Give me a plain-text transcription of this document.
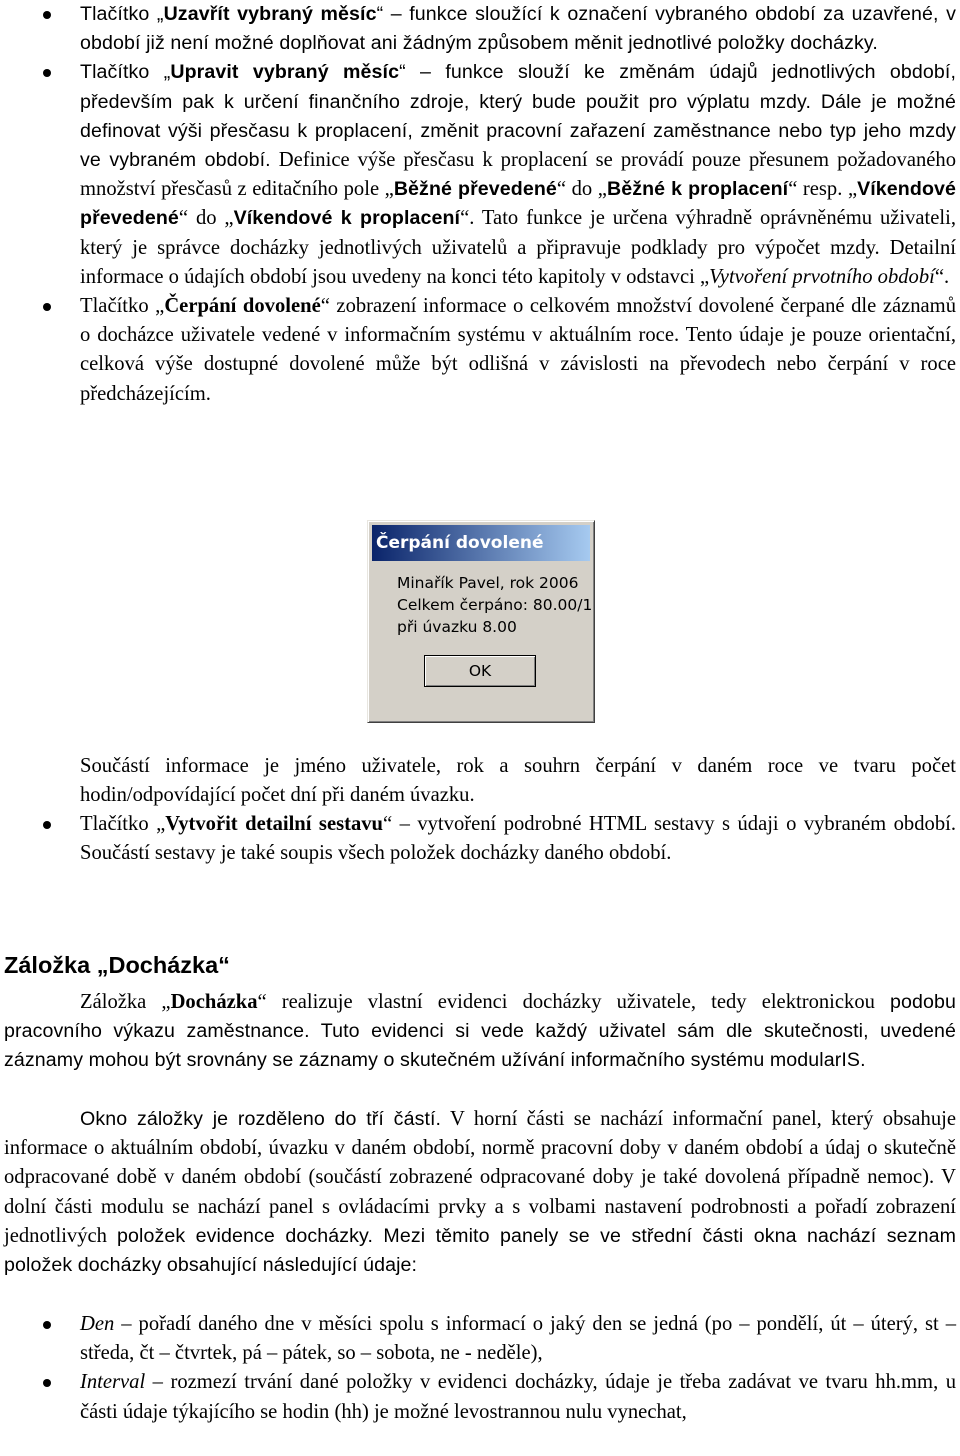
Tlačítko „Uzavřít vybraný měsíc“ – funkce sloužící k označení vybraného období za uzavřené, v období již není možné doplňovat ani žádným způsobem měnit jednotlivé položky docházky.
Tlačítko „Upravit vybraný měsíc“ – funkce slouží ke změnám údajů jednotlivých období, především pak k určení finančního zdroje, který bude použit pro výplatu mzdy. Dále je možné definovat výši přesčasu k proplacení, změnit pracovní zařazení zaměstnance nebo typ jeho mzdy ve vybraném období. Definice výše přesčasu k proplacení se provádí pouze přesunem požadovaného množství přesčasů z editačního pole „Běžné převedené“ do „Běžné k proplacení“ resp. „Víkendové převedené“ do „Víkendové k proplacení“. Tato funkce je určena výhradně oprávněnému uživateli, který je správce docházky jednotlivých uživatelů a připravuje podklady pro výpočet mzdy. Detailní informace o údajích období jsou uvedeny na konci této kapitoly v odstavci „Vytvoření prvotního období“.
Tlačítko „Čerpání dovolené“ zobrazení informace o celkovém množství dovolené čerpané dle záznamů o docházce uživatele vedené v informačním systému v aktuálním roce. Tento údaje je pouze orientační, celková výše dostupné dovolené může být odlišná v závislosti na převodech nebo čerpání v roce předcházejícím.
Čerpání dovolené
Minařík Pavel, rok 2006
Celkem čerpáno: 80.00/1
při úvazku 8.00
OK
Součástí informace je jméno uživatele, rok a souhrn čerpání v daném roce ve tvaru počet hodin/odpovídající počet dní při daném úvazku.
Tlačítko „Vytvořit detailní sestavu“ – vytvoření podrobné HTML sestavy s údaji o vybraném období. Součástí sestavy je také soupis všech položek docházky daného období.
Záložka „Docházka“
Záložka „Docházka“ realizuje vlastní evidenci docházky uživatele, tedy elektronickou podobu pracovního výkazu zaměstnance. Tuto evidenci si vede každý uživatel sám dle skutečnosti, uvedené záznamy mohou být srovnány se záznamy o skutečném užívání informačního systému modularIS.
Okno záložky je rozděleno do tří částí. V horní části se nachází informační panel, který obsahuje informace o aktuálním období, úvazku v daném období, normě pracovní doby v daném období a údaj o skutečně odpracované době v daném období (součástí zobrazené odpracované doby je také dovolená případně nemoc). V dolní části modulu se nachází panel s ovládacími prvky a s volbami nastavení podrobnosti a pořadí zobrazení jednotlivých položek evidence docházky. Mezi těmito panely se ve střední části okna nachází seznam položek docházky obsahující následující údaje:
Den – pořadí daného dne v měsíci spolu s informací o jaký den se jedná (po – pondělí, út – úterý, st – středa, čt – čtvrtek, pá – pátek, so – sobota, ne - neděle),
Interval – rozmezí trvání dané položky v evidenci docházky, údaje je třeba zadávat ve tvaru hh.mm, u části údaje týkajícího se hodin (hh) je možné levostrannou nulu vynechat,
